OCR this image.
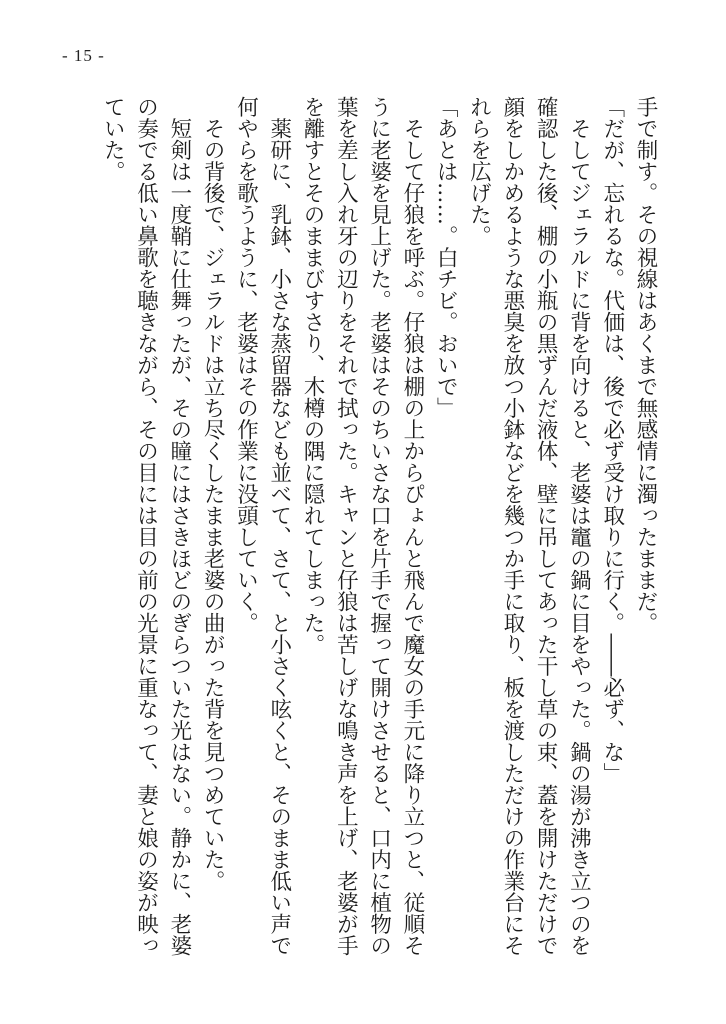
- 15 -

手で制す。その視線はあくまで無感情に濁ったままだ。

「だが、忘れるな。代価は、後で必ず受け取りに行く。――必ず、な」

　そしてジェラルドに背を向けると、老婆は竈の鍋に目をやった。鍋の湯が沸き立つのを

確認した後、棚の小瓶の黒ずんだ液体、壁に吊してあった干し草の束、蓋を開けただけで

顔をしかめるような悪臭を放つ小鉢などを幾つか手に取り、板を渡しただけの作業台にそ

れらを広げた。

「あとは……。白チビ。おいで」

　そして仔狼を呼ぶ。仔狼は棚の上からぴょんと飛んで魔女の手元に降り立つと、従順そ

うに老婆を見上げた。老婆はそのちいさな口を片手で握って開けさせると、口内に植物の

葉を差し入れ牙の辺りをそれで拭った。キャンと仔狼は苦しげな鳴き声を上げ、老婆が手

を離すとそのままびすさり、木樽の隅に隠れてしまった。

　薬研に、乳鉢、小さな蒸留器なども並べて、さて、と小さく呟くと、そのまま低い声で

何やらを歌うように、老婆はその作業に没頭していく。

　その背後で、ジェラルドは立ち尽くしたまま老婆の曲がった背を見つめていた。

　短剣は一度鞘に仕舞ったが、その瞳にはさきほどのぎらついた光はない。静かに、老婆

の奏でる低い鼻歌を聴きながら、その目には目の前の光景に重なって、妻と娘の姿が映っ

ていた。
